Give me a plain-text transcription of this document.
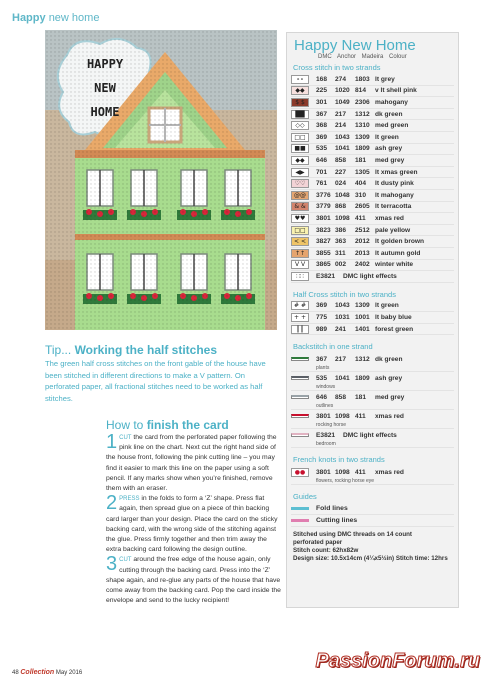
Happy new home
HAPPY
NEW
HOME
Happy New Home
DMC Anchor Madeira Colour
Cross stitch in two strands
∘∘	168	274	1803 lt grey
◆◆	225	1020 814	v lt shell pink
$ $	301	1049 2306 mahogany
██	367	217	1312 dk green
◇◇	368	214	1310 med green
□□	369	1043 1309 lt green
■■	535	1041 1809 ash grey
◆◆	646	858	181	med grey
◀▶	701	227	1305 lt xmas green
♡♡	761	024	404	lt dusty pink
@@	3776 1048 310	lt mahogany
& &	3779 868	2605 lt terracotta
♥♥	3801 1098 411	xmas red
□□	3823 386	2512 pale yellow
< <	3827 363	2012 lt golden brown
↑↑	3855 311	2013 lt autumn gold
V V	3865 002	2402 winter white
∷∷	E3821 DMC light effects
Half Cross stitch in two strands
# #	369	1043 1309 lt green
+ +	775	1031 1001 lt baby blue
║║	989	241	1401 forest green
Backstitch in one strand
367	217	1312 dk green
plants
535	1041 1809 ash grey
windows
646	858	181	med grey
outlines
3801 1098 411	xmas red
rocking horse
E3821 DMC light effects
bedroom
French knots in two strands
●●	3801 1098 411	xmas red
flowers, rocking horse eye
Guides
Fold lines
Cutting lines
Stitched using DMC threads on 14 count
perforated paper
Stitch count: 62hx82w
Design size: 10.5x14cm (4¼x5½in) Stitch time: 12hrs
Tip... Working the half stitches
The green half cross stitches on the front gable of the house have been stitched in different directions to make a V pattern. On perforated paper, all fractional stitches need to be worked as half stitches.
How to finish the card
1 CUT the card from the perforated paper following the pink line on the chart. Next cut the right hand side of the house front, following the pink cutting line – you may find it easier to mark this line on the paper using a soft pencil. If any marks show when you’re finished, remove them with an eraser.
2 PRESS in the folds to form a ‘Z’ shape. Press flat again, then spread glue on a piece of thin backing card larger than your design. Place the card on the sticky backing card, with the wrong side of the stitching against the glue. Press firmly together and then trim away the extra backing card following the design outline.
3 CUT around the free edge of the house again, only cutting through the backing card. Press into the ‘Z’ shape again, and re-glue any parts of the house that have come away from the backing card. Pop the card inside the envelope and send to the lucky recipient!
48 Collection May 2016
PassionForum.ru
